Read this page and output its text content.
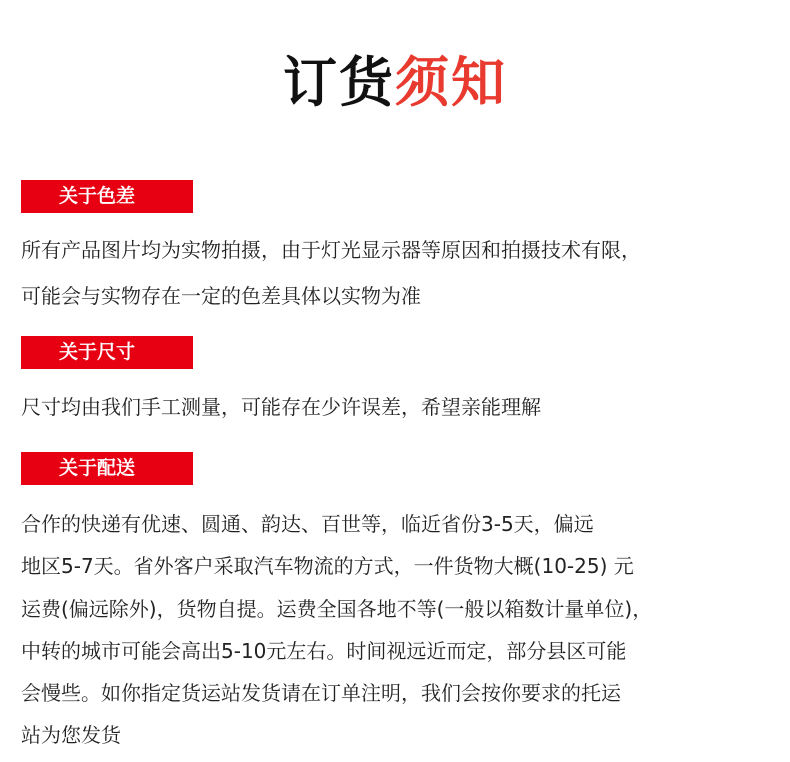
订货须知
关于色差
所有产品图片均为实物拍摄，由于灯光显示器等原因和拍摄技术有限，
可能会与实物存在一定的色差具体以实物为准
关于尺寸
尺寸均由我们手工测量，可能存在少许误差，希望亲能理解
关于配送
合作的快递有优速、圆通、韵达、百世等，临近省份3-5天，偏远
地区5-7天。省外客户采取汽车物流的方式，一件货物大概(10-25) 元
运费(偏远除外)，货物自提。运费全国各地不等(一般以箱数计量单位)，
中转的城市可能会高出5-10元左右。时间视远近而定，部分县区可能
会慢些。如你指定货运站发货请在订单注明，我们会按你要求的托运
站为您发货
